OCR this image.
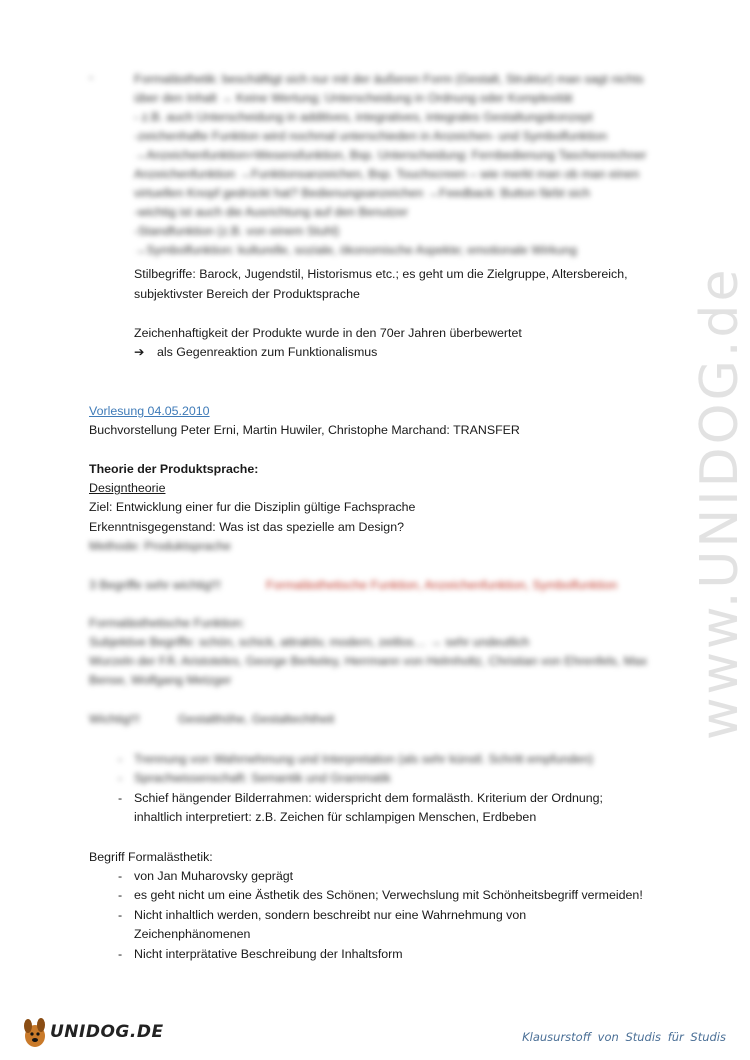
-	Formalästhetik: beschäftigt sich nur mit der äußeren Form (Gestalt, Struktur) man sagt nichts
über den Inhalt → Keine Wertung; Unterscheidung in Ordnung oder Komplexität
- z.B. auch Unterscheidung in additives, integratives, integrales Gestaltungskonzept
-zeichenhafte Funktion wird nochmal unterschieden in Anzeichen- und Symbolfunktion
→Anzeichenfunktion=Wesensfunktion, Bsp. Unterscheidung: Fernbedienung Taschenrechner
Anzeichenfunktion →Funktionsanzeichen, Bsp. Touchscreen – wie merkt man ob man einen
virtuellen Knopf gedrückt hat? Bedienungsanzeichen →Feedback: Button färbt sich
-wichtig ist auch die Ausrichtung auf den Benutzer
-Standfunktion (z.B. von einem Stuhl)
→Symbolfunktion: kulturelle, soziale, ökonomische Aspekte; emotionale Wirkung
Stilbegriffe: Barock, Jugendstil, Historismus etc.; es geht um die Zielgruppe, Altersbereich,
subjektivster Bereich der Produktsprache
Zeichenhaftigkeit der Produkte wurde in den 70er Jahren überbewertet
➔	als Gegenreaktion zum Funktionalismus
Vorlesung 04.05.2010
Buchvorstellung Peter Erni, Martin Huwiler, Christophe Marchand: TRANSFER
Theorie der Produktsprache:
Designtheorie
Ziel: Entwicklung einer fur die Disziplin gültige Fachsprache
Erkenntnisgegenstand: Was ist das spezielle am Design?
Methode: Produktsprache
3 Begriffe sehr wichtig!!!	Formalästhetische Funktion, Anzeichenfunktion, Symbolfunktion
Formalästhetische Funktion:
Subjektive Begriffe: schön, schick, attraktiv, modern, zeitlos… → sehr undeutlich
Wurzeln der FÄ: Aristoteles, George Berkeley, Herrmann von Helmholtz, Christian von Ehrenfels, Max
Bense, Wolfgang Metzger
Wichtig!!!	Gestalthöhe, Gestaltechtheit
- Trennung von Wahrnehmung und Interpretation (als sehr künstl. Schritt empfunden)
- Sprachwissenschaft: Semantik und Grammatik
- Schief hängender Bilderrahmen: widerspricht dem formalästh. Kriterium der Ordnung;
inhaltlich interpretiert: z.B. Zeichen für schlampigen Menschen, Erdbeben
Begriff Formalästhetik:
- von Jan Muharovsky geprägt
- es geht nicht um eine Ästhetik des Schönen; Verwechslung mit Schönheitsbegriff vermeiden!
- Nicht inhaltlich werden, sondern beschreibt nur eine Wahrnehmung von
Zeichenphänomenen
- Nicht interprätative Beschreibung der Inhaltsform
www.UNIDOG.de
UNIDOG.DE	Klausurstoff von Studis für Studis
